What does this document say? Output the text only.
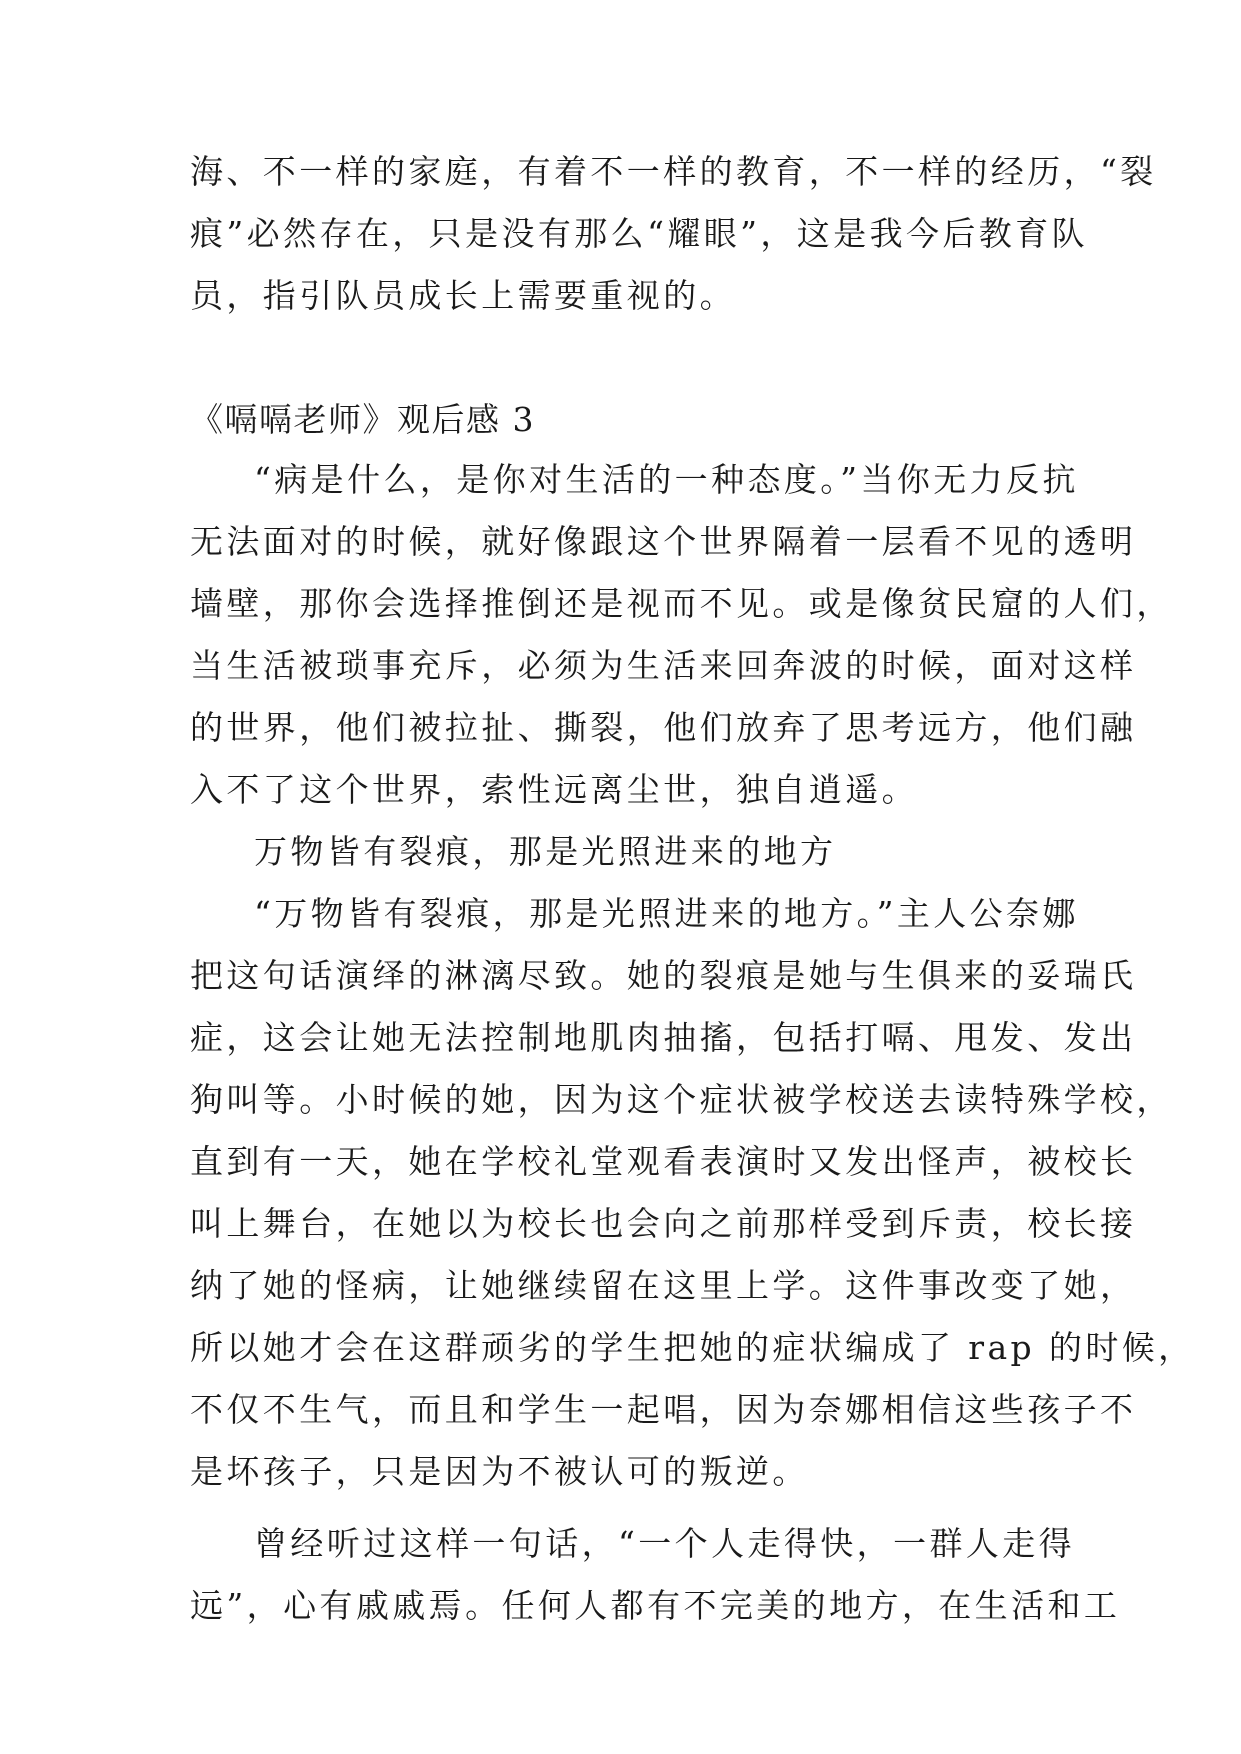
海、不一样的家庭，有着不一样的教育，不一样的经历，“裂
痕”必然存在，只是没有那么“耀眼”，这是我今后教育队
员，指引队员成长上需要重视的。
《嗝嗝老师》观后感 3
“病是什么，是你对生活的一种态度。”当你无力反抗
无法面对的时候，就好像跟这个世界隔着一层看不见的透明
墙壁，那你会选择推倒还是视而不见。或是像贫民窟的人们，
当生活被琐事充斥，必须为生活来回奔波的时候，面对这样
的世界，他们被拉扯、撕裂，他们放弃了思考远方，他们融
入不了这个世界，索性远离尘世，独自逍遥。
万物皆有裂痕，那是光照进来的地方
“万物皆有裂痕，那是光照进来的地方。”主人公奈娜
把这句话演绎的淋漓尽致。她的裂痕是她与生俱来的妥瑞氏
症，这会让她无法控制地肌肉抽搐，包括打嗝、甩发、发出
狗叫等。小时候的她，因为这个症状被学校送去读特殊学校，
直到有一天，她在学校礼堂观看表演时又发出怪声，被校长
叫上舞台，在她以为校长也会向之前那样受到斥责，校长接
纳了她的怪病，让她继续留在这里上学。这件事改变了她，
所以她才会在这群顽劣的学生把她的症状编成了 rap 的时候，
不仅不生气，而且和学生一起唱，因为奈娜相信这些孩子不
是坏孩子，只是因为不被认可的叛逆。
曾经听过这样一句话，“一个人走得快，一群人走得
远”，心有戚戚焉。任何人都有不完美的地方，在生活和工
